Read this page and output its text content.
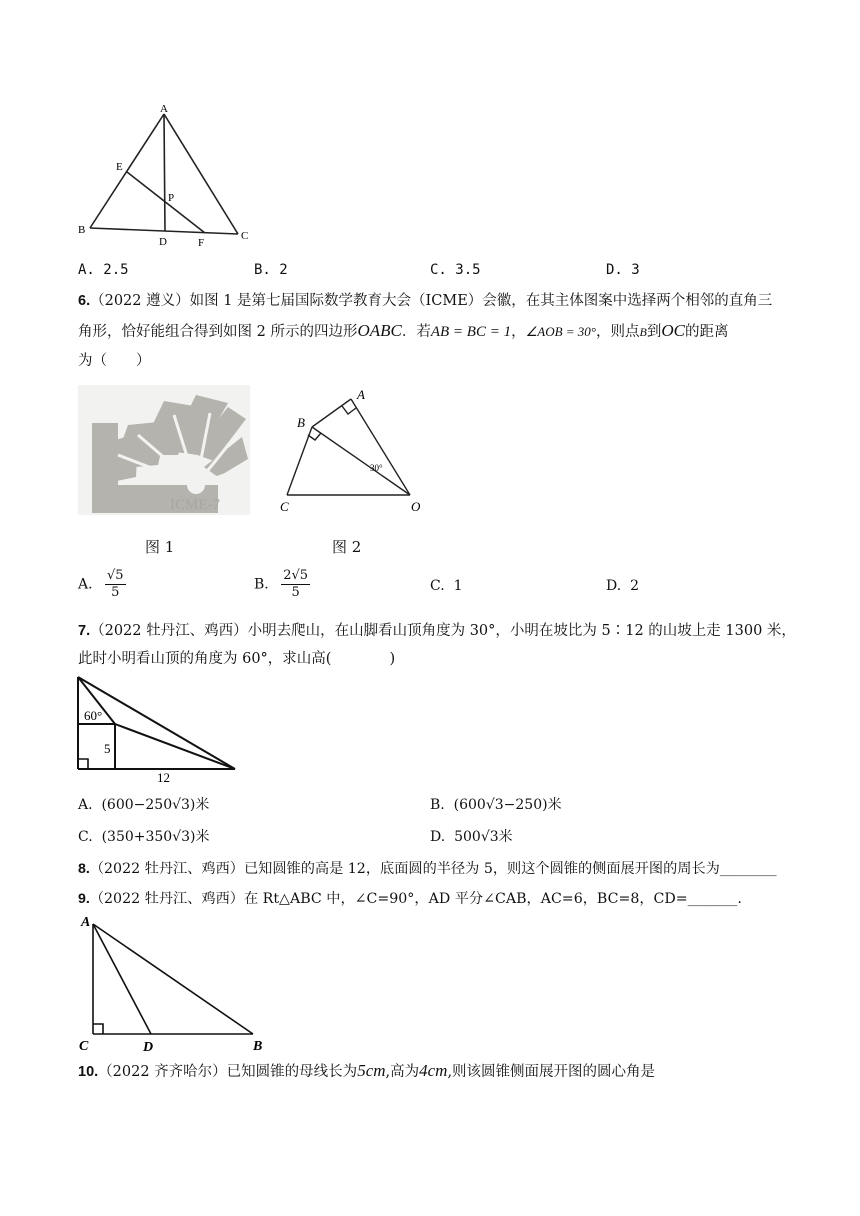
A
E
P
B
D	F
C
A. 2.5	B. 2	C. 3.5	D. 3
6.（2022 遵义）如图 1 是第七届国际数学教育大会（ICME）会徽，在其主体图案中选择两个相邻的直角三
角形，恰好能组合得到如图 2 所示的四边形OABC．若AB = BC = 1，∠AOB = 30°，则点B到OC的距离
为（　　）
ICME-7
图 1
A
B
C	O
30°
图 2
A. $\frac{√5}{5}$	B. $\frac{2√5}{5}$	C. 1	D. 2
7.（2022 牡丹江、鸡西）小明去爬山，在山脚看山顶角度为 30°，小明在坡比为 5∶12 的山坡上走 1300 米，
此时小明看山顶的角度为 60°，求山高(　　　　)
60°
5
12
A. (600−250√3)米	B. (600√3−250)米
C. (350+350√3)米	D. 500√3米
8.（2022 牡丹江、鸡西）已知圆锥的高是 12，底面圆的半径为 5，则这个圆锥的侧面展开图的周长为________
9.（2022 牡丹江、鸡西）在 Rt△ABC 中，∠C=90°，AD 平分∠CAB，AC=6，BC=8，CD=_______.
A
C	D	B
10.（2022 齐齐哈尔）已知圆锥的母线长为5cm,高为4cm,则该圆锥侧面展开图的圆心角是
